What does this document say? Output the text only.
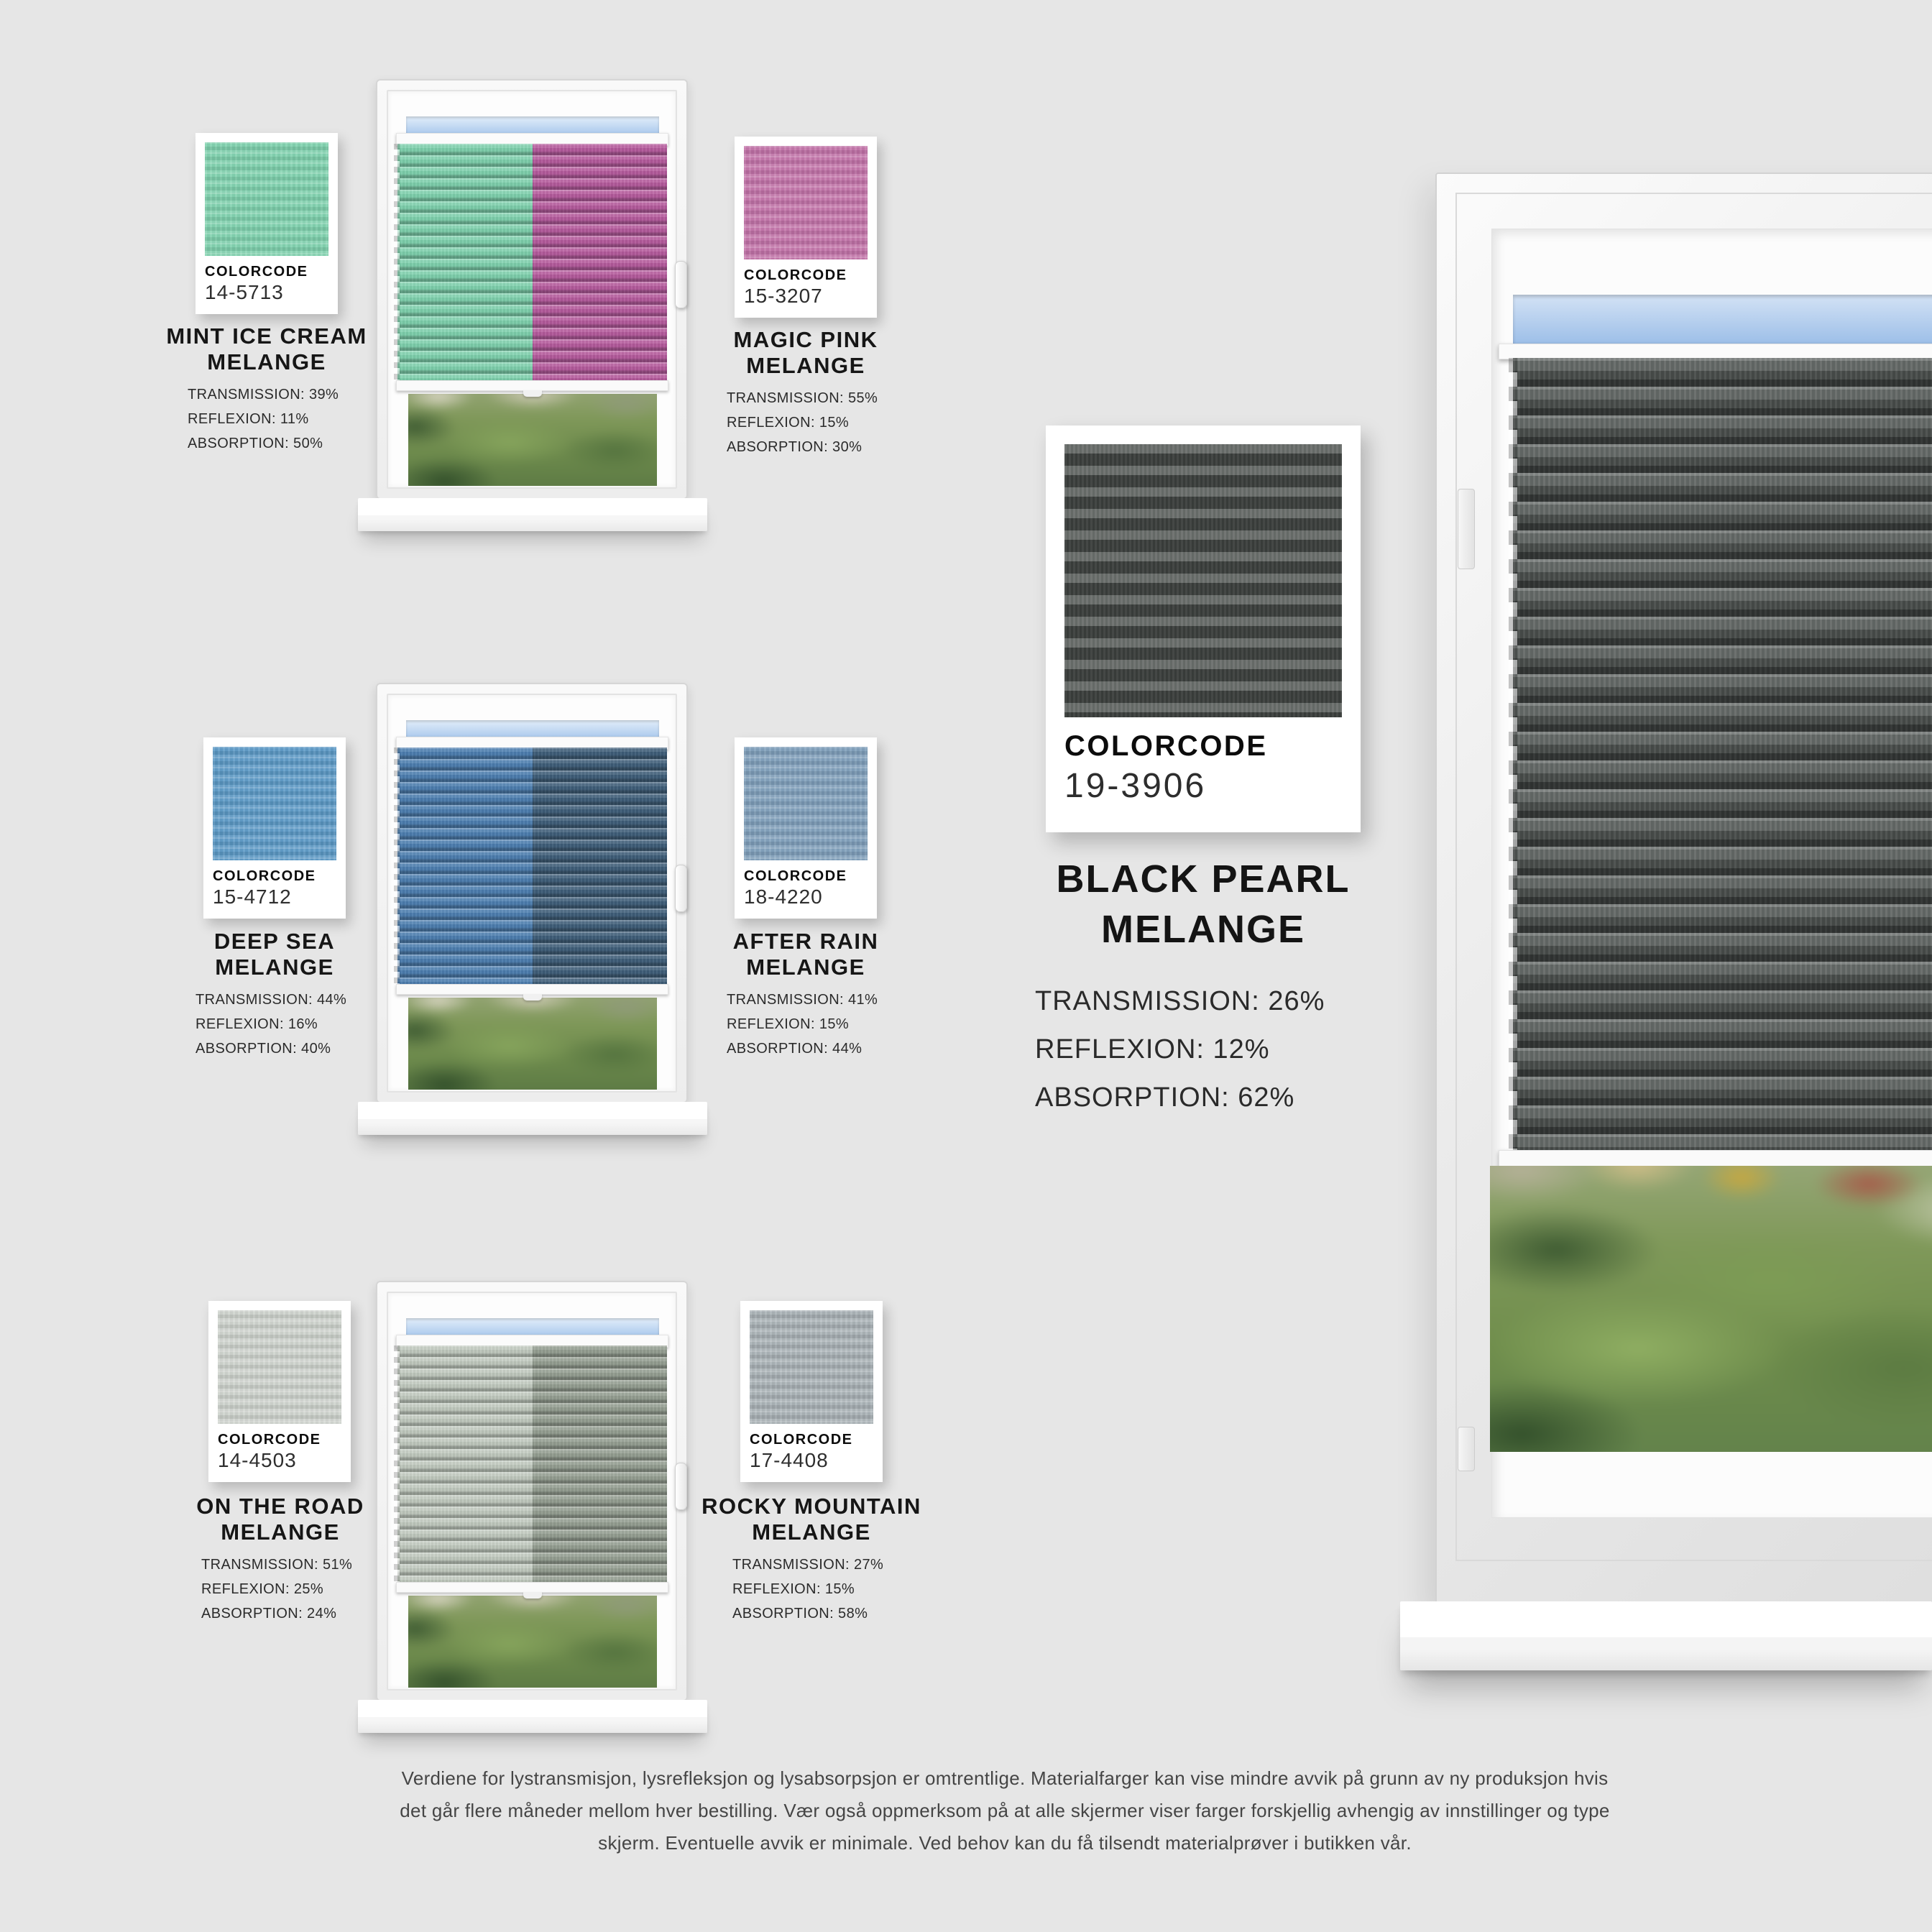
COLORCODE
14-5713
MINT ICE CREAM
MELANGE
TRANSMISSION: 39%
REFLEXION: 11%
ABSORPTION: 50%
COLORCODE
15-3207
MAGIC PINK
MELANGE
TRANSMISSION: 55%
REFLEXION: 15%
ABSORPTION: 30%
COLORCODE
15-4712
DEEP SEA
MELANGE
TRANSMISSION: 44%
REFLEXION: 16%
ABSORPTION: 40%
COLORCODE
18-4220
AFTER RAIN
MELANGE
TRANSMISSION: 41%
REFLEXION: 15%
ABSORPTION: 44%
COLORCODE
14-4503
ON THE ROAD
MELANGE
TRANSMISSION: 51%
REFLEXION: 25%
ABSORPTION: 24%
COLORCODE
17-4408
ROCKY MOUNTAIN
MELANGE
TRANSMISSION: 27%
REFLEXION: 15%
ABSORPTION: 58%
COLORCODE
19-3906
BLACK PEARL
MELANGE
TRANSMISSION: 26%
REFLEXION: 12%
ABSORPTION: 62%
Verdiene for lystransmisjon, lysrefleksjon og lysabsorpsjon er omtrentlige. Materialfarger kan vise mindre avvik på grunn av ny produksjon hvis
det går flere måneder mellom hver bestilling. Vær også oppmerksom på at alle skjermer viser farger forskjellig avhengig av innstillinger og type
skjerm. Eventuelle avvik er minimale. Ved behov kan du få tilsendt materialprøver i butikken vår.
